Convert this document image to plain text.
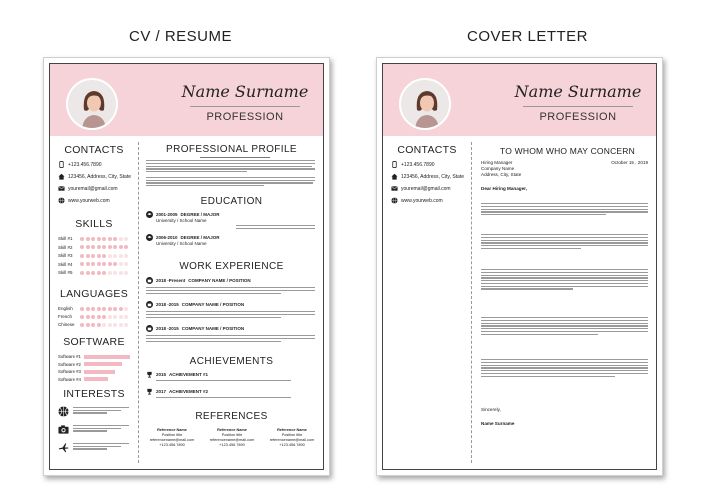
CV / RESUME	COVER LETTER
Name Surname
PROFESSION
CONTACTS
+123.456.7890
123456, Address, City, State
youremail@gmail.com
www.yourweb.com
SKILLS
Skill #1
Skill #2
Skill #3
Skill #4
Skill #5
LANGUAGES
English
French
Chinese
SOFTWARE
Software #1
Software #2
Software #3
Software #4
INTERESTS
PROFESSIONAL PROFILE
EDUCATION
2001-2005 DEGREE / MAJOR
University / School Name
2006-2010 DEGREE / MAJOR
University / School Name
WORK EXPERIENCE
2018 -Present COMPANY NAME / POSITION
2018 -2015 COMPANY NAME / POSITION
2018 -2015 COMPANY NAME / POSITION
ACHIEVEMENTS
2015 ACHIEVEMENT #1
2017 ACHIEVEMENT #2
REFERENCES
Reference Name
Position title
referencename@mail.com
+123.456.7890
Reference Name
Position title
referencename@mail.com
+123.456.7890
Reference Name
Position title
referencename@mail.com
+123.456.7890
Name Surname
PROFESSION
CONTACTS
+123.456.7890
123456, Address, City, State
youremail@gmail.com
www.yourweb.com
TO WHOM WHO MAY CONCERN
Hiring Manager
Company Name
Address, City, State
October 15 , 2019
Dear Hiring Manager,
Sincerely,
Name Surname
